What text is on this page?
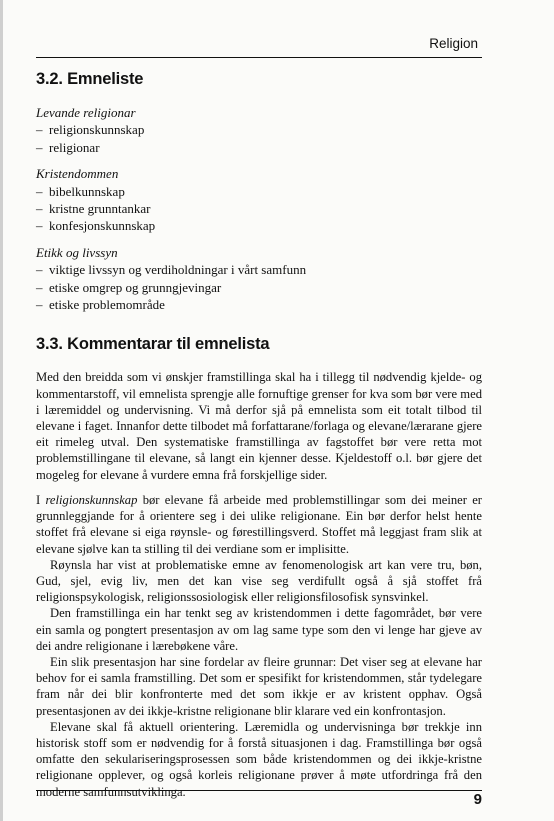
Religion
3.2. Emneliste
Levande religionar
–  religionskunnskap
–  religionar
Kristendommen
–  bibelkunnskap
–  kristne grunntankar
–  konfesjonskunnskap
Etikk og livssyn
–  viktige livssyn og verdiholdningar i vårt samfunn
–  etiske omgrep og grunngjevingar
–  etiske problemområde
3.3. Kommentarar til emnelista

Med den breidda som vi ønskjer framstillinga skal ha i tillegg til nødvendig kjelde- og kommentarstoff, vil emnelista sprengje alle fornuftige grenser for kva som bør vere med i læremiddel og undervisning. Vi må derfor sjå på emnelista som eit totalt tilbod til elevane i faget. Innanfor dette tilbodet må forfattarane/forlaga og elevane/lærarane gjere eit rimeleg utval. Den systematiske framstillinga av fagstoffet bør vere retta mot problemstillingane til elevane, så langt ein kjenner desse. Kjeldestoff o.l. bør gjere det mogeleg for elevane å vurdere emna frå forskjellige sider.

I religionskunnskap bør elevane få arbeide med problemstillingar som dei meiner er grunnleggjande for å orientere seg i dei ulike religionane. Ein bør derfor helst hente stoffet frå elevane si eiga røynsle- og førestillingsverd. Stoffet må leggjast fram slik at elevane sjølve kan ta stilling til dei verdiane som er implisitte.

Røynsla har vist at problematiske emne av fenomenologisk art kan vere tru, bøn, Gud, sjel, evig liv, men det kan vise seg verdifullt også å sjå stoffet frå religionspsykologisk, religionssosiologisk eller religionsfilosofisk synsvinkel.

Den framstillinga ein har tenkt seg av kristendommen i dette fagområdet, bør vere ein samla og pongtert presentasjon av om lag same type som den vi lenge har gjeve av dei andre religionane i lærebøkene våre.

Ein slik presentasjon har sine fordelar av fleire grunnar: Det viser seg at elevane har behov for ei samla framstilling. Det som er spesifikt for kristendommen, står tydelegare fram når dei blir konfronterte med det som ikkje er av kristent opphav. Også presentasjonen av dei ikkje-kristne religionane blir klarare ved ein konfrontasjon.

Elevane skal få aktuell orientering. Læremidla og undervisninga bør trekkje inn historisk stoff som er nødvendig for å forstå situasjonen i dag. Framstillinga bør også omfatte den sekulariseringsprosessen som både kristendommen og dei ikkje-kristne religionane opplever, og også korleis religionane prøver å møte utfordringa frå den moderne samfunnsutviklinga.	9
